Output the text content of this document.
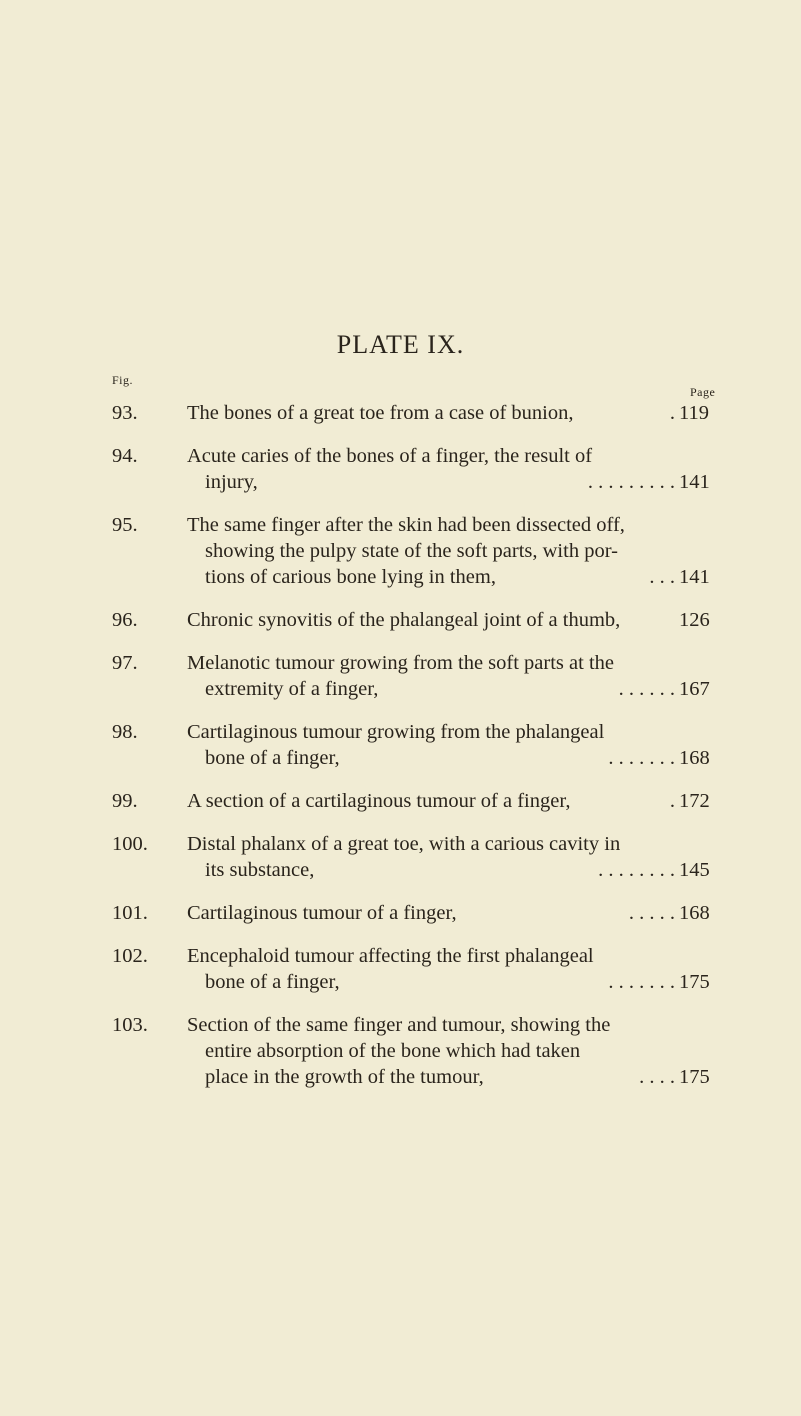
PLATE IX.
Fig.
Page
93.	The bones of a great toe from a case of bunion,	. 119
94.	Acute caries of the bones of a finger, the result of
injury,	. . . . . . . . . 141
95.	The same finger after the skin had been dissected off,
showing the pulpy state of the soft parts, with por-
tions of carious bone lying in them,	. . . 141
96.	Chronic synovitis of the phalangeal joint of a thumb,	126
97.	Melanotic tumour growing from the soft parts at the
extremity of a finger,	. . . . . . 167
98.	Cartilaginous tumour growing from the phalangeal
bone of a finger,	. . . . . . . 168
99.	A section of a cartilaginous tumour of a finger,	. 172
100.	Distal phalanx of a great toe, with a carious cavity in
its substance,	. . . . . . . . 145
101.	Cartilaginous tumour of a finger,	. . . . . 168
102.	Encephaloid tumour affecting the first phalangeal
bone of a finger,	. . . . . . . 175
103.	Section of the same finger and tumour, showing the
entire absorption of the bone which had taken
place in the growth of the tumour,	. . . . 175
